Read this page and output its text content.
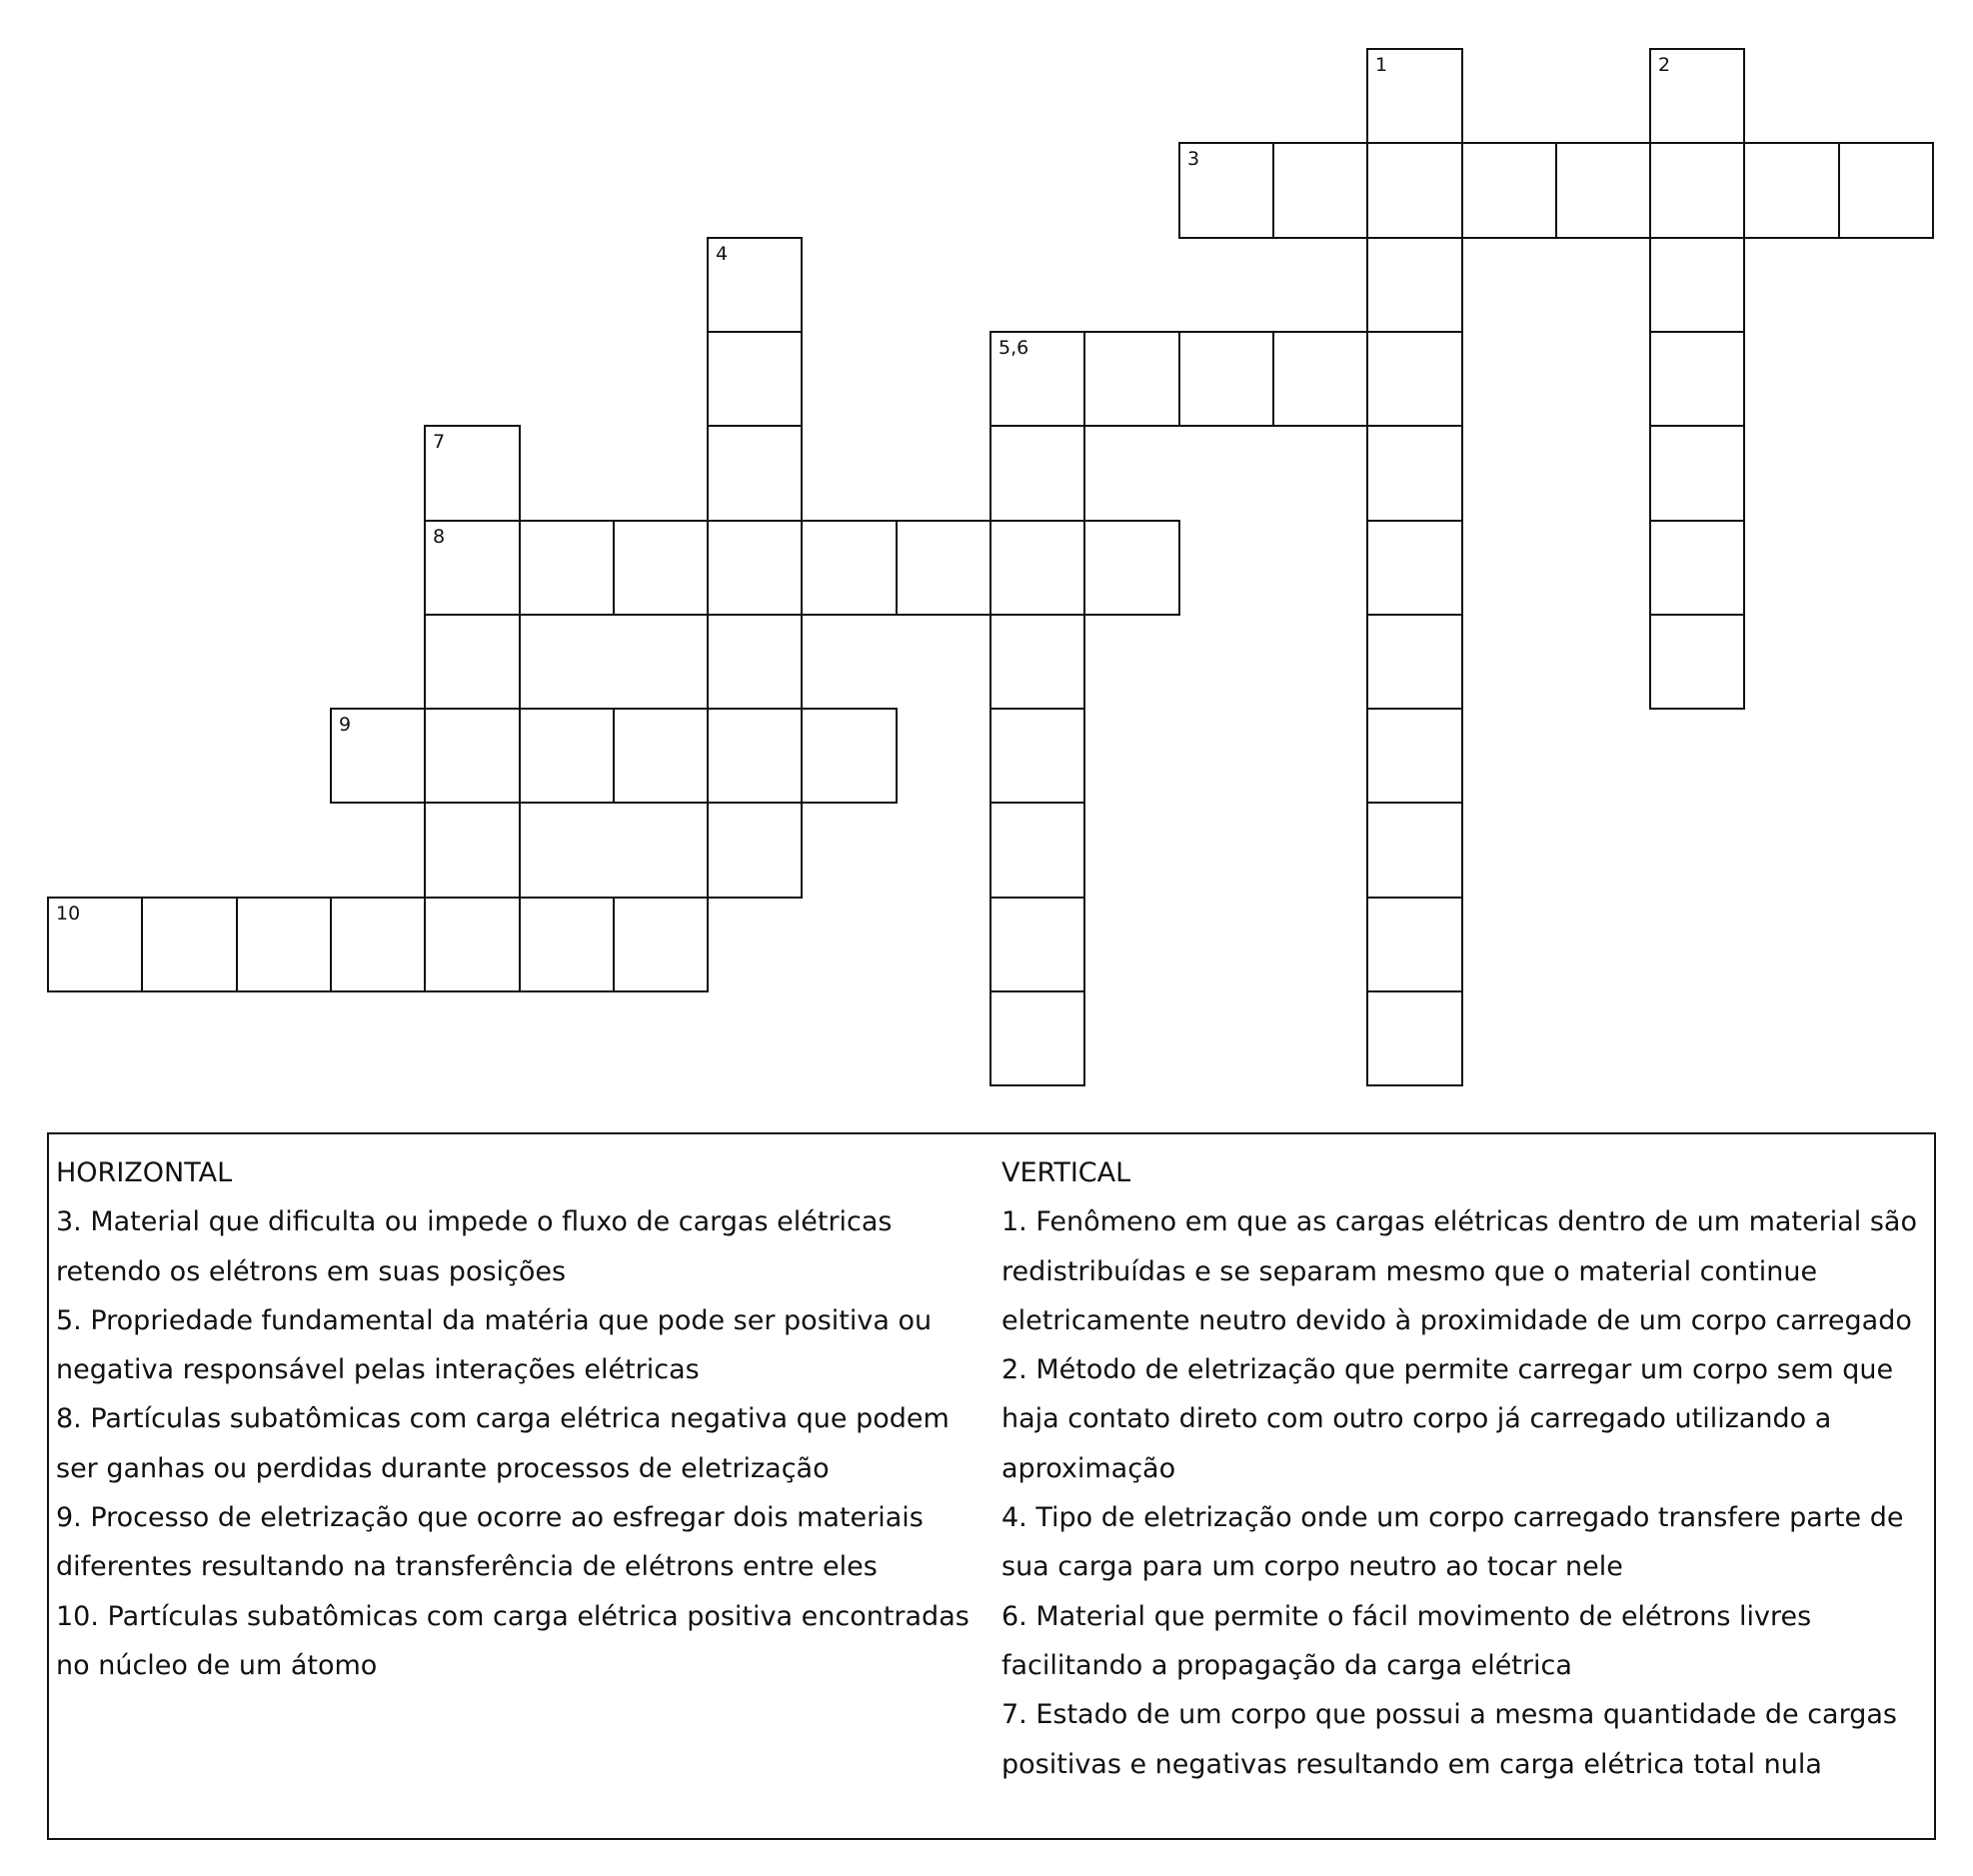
3
1	2
4
5,6
7
8
9
10
HORIZONTAL
3. Material que dificulta ou impede o fluxo de cargas elétricas retendo os elétrons em suas posições
5. Propriedade fundamental da matéria que pode ser positiva ou negativa responsável pelas interações elétricas
8. Partículas subatômicas com carga elétrica negativa que podem ser ganhas ou perdidas durante processos de eletrização
9. Processo de eletrização que ocorre ao esfregar dois materiais diferentes resultando na transferência de elétrons entre eles
10. Partículas subatômicas com carga elétrica positiva encontradas no núcleo de um átomo
VERTICAL
1. Fenômeno em que as cargas elétricas dentro de um material são redistribuídas e se separam mesmo que o material continue eletricamente neutro devido à proximidade de um corpo carregado
2. Método de eletrização que permite carregar um corpo sem que haja contato direto com outro corpo já carregado utilizando a aproximação
4. Tipo de eletrização onde um corpo carregado transfere parte de sua carga para um corpo neutro ao tocar nele
6. Material que permite o fácil movimento de elétrons livres facilitando a propagação da carga elétrica
7. Estado de um corpo que possui a mesma quantidade de cargas positivas e negativas resultando em carga elétrica total nula
